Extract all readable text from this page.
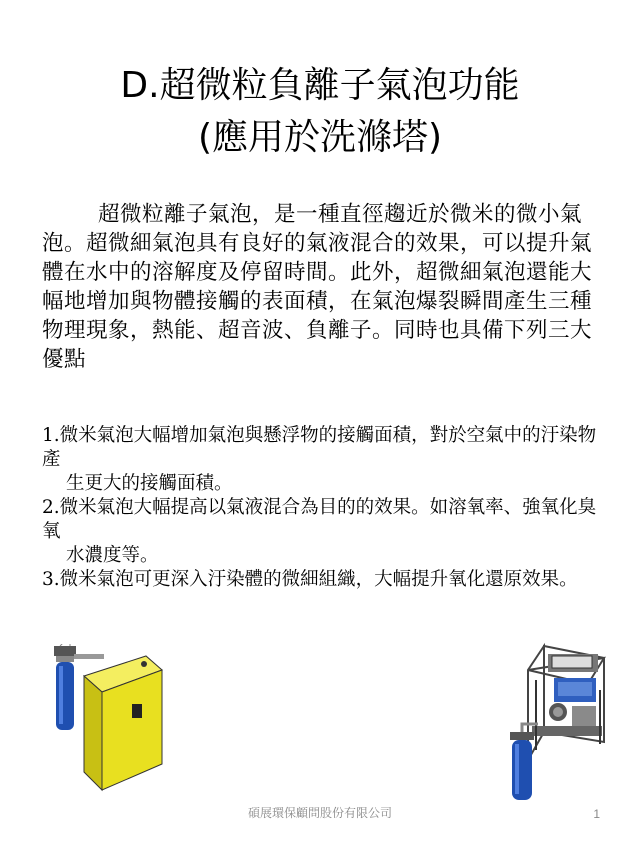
D.超微粒負離子氣泡功能
(應用於洗滌塔)
超微粒離子氣泡，是一種直徑趨近於微米的微小氣泡。超微細氣泡具有良好的氣液混合的效果，可以提升氣體在水中的溶解度及停留時間。此外，超微細氣泡還能大幅地增加與物體接觸的表面積，在氣泡爆裂瞬間產生三種物理現象，熱能、超音波、負離子。同時也具備下列三大優點

1.微米氣泡大幅增加氣泡與懸浮物的接觸面積，對於空氣中的汙染物產

生更大的接觸面積。

2.微米氣泡大幅提高以氣液混合為目的的效果。如溶氧率、強氧化臭氧

水濃度等。

3.微米氣泡可更深入汙染體的微細組織，大幅提升氧化還原效果。

碩展環保顧問股份有限公司	1
